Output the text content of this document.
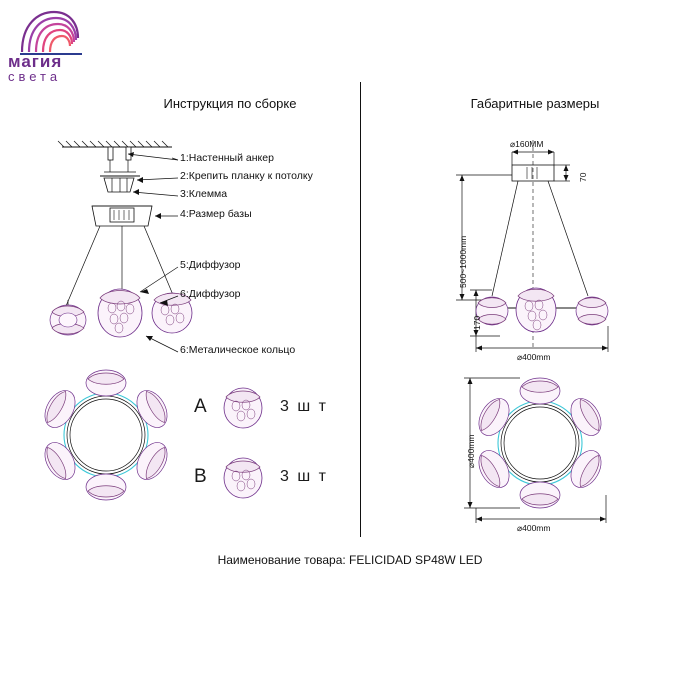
магия
света
Инструкция по сборке	Габаритные размеры
1:Настенный анкер
2:Крепить планку к потолку
3:Клемма
4:Размер базы
5:Диффузор
6:Диффузор
6:Металическое кольцо
A	3 ш т
B	3 ш т
⌀160ММ
70
500~1000mm
170
⌀400mm
⌀400mm
⌀400mm
Наименование товара: FELICIDAD SP48W LED
